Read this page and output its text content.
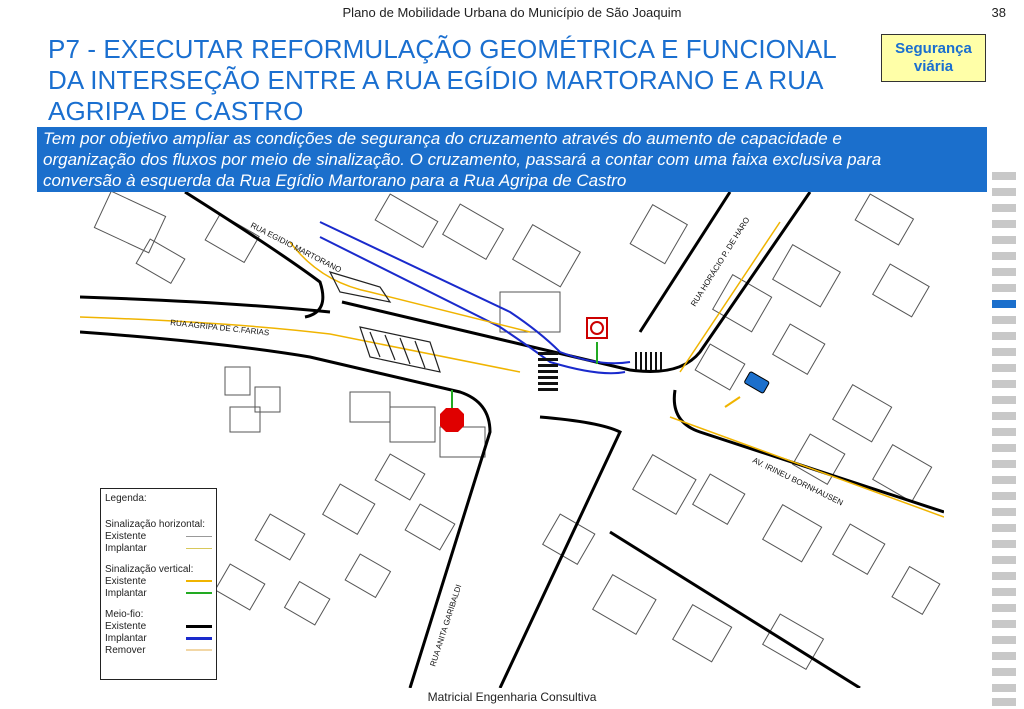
Plano de Mobilidade Urbana do Município de São Joaquim	38
P7 - EXECUTAR REFORMULAÇÃO GEOMÉTRICA E FUNCIONAL
DA INTERSEÇÃO ENTRE A RUA EGÍDIO MARTORANO E A RUA
AGRIPA DE CASTRO
Segurança
viária
Tem por objetivo ampliar as condições de segurança do cruzamento através do aumento de capacidade e
organização dos fluxos por meio de sinalização. O cruzamento, passará a contar com uma faixa exclusiva para
conversão à esquerda da Rua Egídio Martorano para a Rua Agripa de Castro
RUA EGIDIO MARTORANO
RUA AGRIPA DE C.FARIAS
RUA HORÁCIO P. DE HARO
AV. IRINEU BORNHAUSEN
RUA ANITA GARIBALDI
Legenda:
Sinalização horizontal:
Existente
Implantar
Sinalização vertical:
Existente
Implantar
Meio-fio:
Existente
Implantar
Remover
Matricial Engenharia Consultiva
